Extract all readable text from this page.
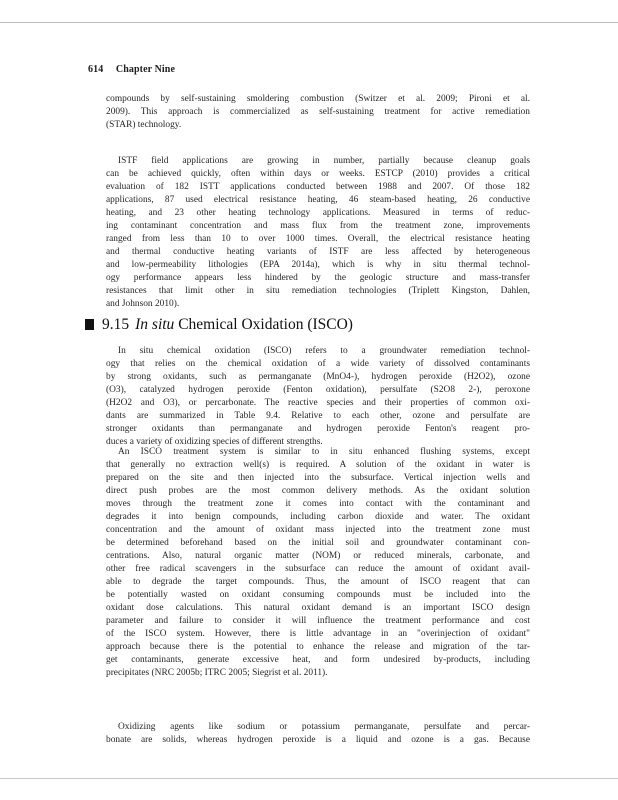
614 Chapter Nine

compounds by self-sustaining smoldering combustion (Switzer et al. 2009; Pironi et al.

2009). This approach is commercialized as self-sustaining treatment for active remediation

(STAR) technology.

ISTF field applications are growing in number, partially because cleanup goals

can be achieved quickly, often within days or weeks. ESTCP (2010) provides a critical

evaluation of 182 ISTT applications conducted between 1988 and 2007. Of those 182

applications, 87 used electrical resistance heating, 46 steam-based heating, 26 conductive

heating, and 23 other heating technology applications. Measured in terms of reduc-

ing contaminant concentration and mass flux from the treatment zone, improvements

ranged from less than 10 to over 1000 times. Overall, the electrical resistance heating

and thermal conductive heating variants of ISTF are less affected by heterogeneous

and low-permeability lithologies (EPA 2014a), which is why in situ thermal technol-

ogy performance appears less hindered by the geologic structure and mass-transfer

resistances that limit other in situ remediation technologies (Triplett Kingston, Dahlen,

and Johnson 2010).

9.15 In situ Chemical Oxidation (ISCO)

In situ chemical oxidation (ISCO) refers to a groundwater remediation technol-

ogy that relies on the chemical oxidation of a wide variety of dissolved contaminants

by strong oxidants, such as permanganate (MnO4-), hydrogen peroxide (H2O2), ozone

(O3), catalyzed hydrogen peroxide (Fenton oxidation), persulfate (S2O8 2-), peroxone

(H2O2 and O3), or percarbonate. The reactive species and their properties of common oxi-

dants are summarized in Table 9.4. Relative to each other, ozone and persulfate are

stronger oxidants than permanganate and hydrogen peroxide Fenton's reagent pro-

duces a variety of oxidizing species of different strengths.

An ISCO treatment system is similar to in situ enhanced flushing systems, except

that generally no extraction well(s) is required. A solution of the oxidant in water is

prepared on the site and then injected into the subsurface. Vertical injection wells and

direct push probes are the most common delivery methods. As the oxidant solution

moves through the treatment zone it comes into contact with the contaminant and

degrades it into benign compounds, including carbon dioxide and water. The oxidant

concentration and the amount of oxidant mass injected into the treatment zone must

be determined beforehand based on the initial soil and groundwater contaminant con-

centrations. Also, natural organic matter (NOM) or reduced minerals, carbonate, and

other free radical scavengers in the subsurface can reduce the amount of oxidant avail-

able to degrade the target compounds. Thus, the amount of ISCO reagent that can

be potentially wasted on oxidant consuming compounds must be included into the

oxidant dose calculations. This natural oxidant demand is an important ISCO design

parameter and failure to consider it will influence the treatment performance and cost

of the ISCO system. However, there is little advantage in an "overinjection of oxidant"

approach because there is the potential to enhance the release and migration of the tar-

get contaminants, generate excessive heat, and form undesired by-products, including

precipitates (NRC 2005b; ITRC 2005; Siegrist et al. 2011).

Oxidizing agents like sodium or potassium permanganate, persulfate and percar-

bonate are solids, whereas hydrogen peroxide is a liquid and ozone is a gas. Because
